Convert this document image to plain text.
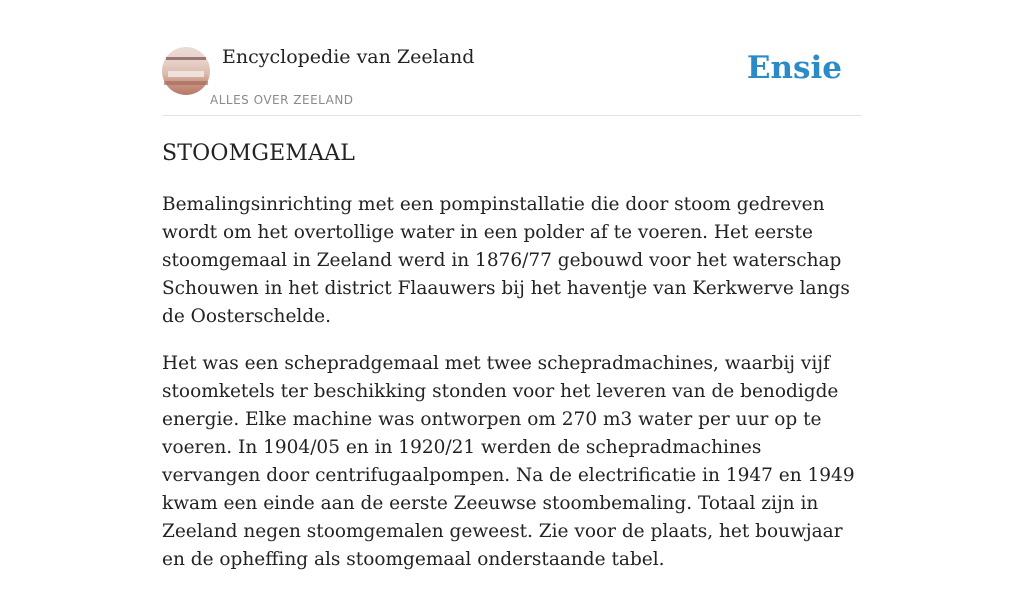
Encyclopedie van Zeeland
ALLES OVER ZEELAND
Ensie
STOOMGEMAAL

Bemalingsinrichting met een pompinstallatie die door stoom gedreven wordt om het overtollige water in een polder af te voeren. Het eerste stoomgemaal in Zeeland werd in 1876/77 gebouwd voor het waterschap Schouwen in het district Flaauwers bij het haventje van Kerkwerve langs de Oosterschelde.

Het was een schepradgemaal met twee schepradmachines, waarbij vijf stoomketels ter beschikking stonden voor het leveren van de benodigde energie. Elke machine was ontworpen om 270 m3 water per uur op te voeren. In 1904/05 en in 1920/21 werden de schepradmachines vervangen door centrifugaalpompen. Na de electrificatie in 1947 en 1949 kwam een einde aan de eerste Zeeuwse stoombemaling. Totaal zijn in Zeeland negen stoomgemalen geweest. Zie voor de plaats, het bouwjaar en de opheffing als stoomgemaal onderstaande tabel.
